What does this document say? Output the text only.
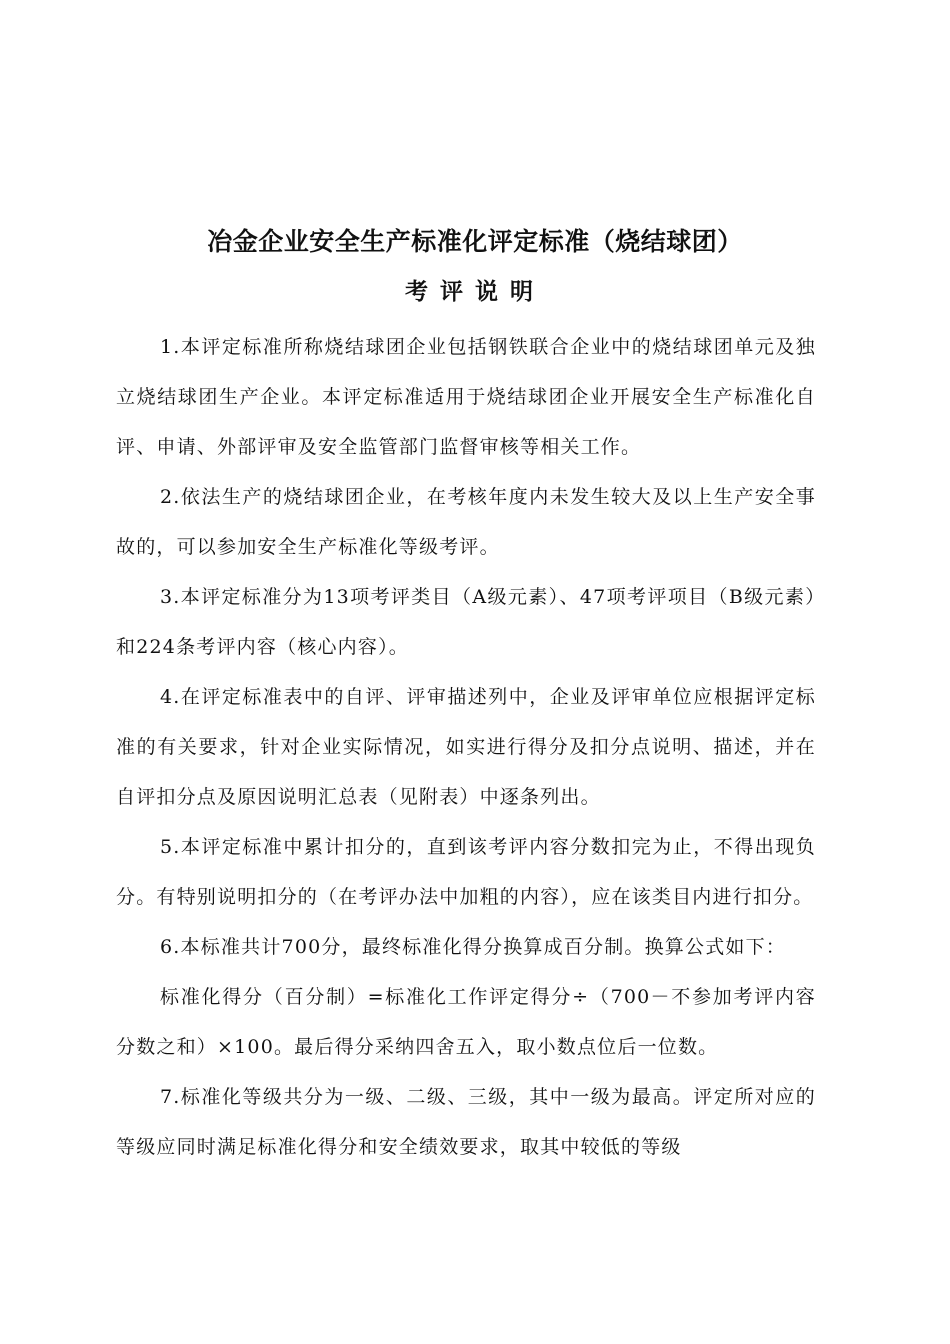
冶金企业安全生产标准化评定标准（烧结球团）
考评说明

1.本评定标准所称烧结球团企业包括钢铁联合企业中的烧结球团单元及独立烧结球团生产企业。本评定标准适用于烧结球团企业开展安全生产标准化自评、申请、外部评审及安全监管部门监督审核等相关工作。

2.依法生产的烧结球团企业，在考核年度内未发生较大及以上生产安全事故的，可以参加安全生产标准化等级考评。

3.本评定标准分为13项考评类目（A级元素）、47项考评项目（B级元素）和224条考评内容（核心内容）。

4.在评定标准表中的自评、评审描述列中，企业及评审单位应根据评定标准的有关要求，针对企业实际情况，如实进行得分及扣分点说明、描述，并在自评扣分点及原因说明汇总表（见附表）中逐条列出。

5.本评定标准中累计扣分的，直到该考评内容分数扣完为止，不得出现负分。有特别说明扣分的（在考评办法中加粗的内容），应在该类目内进行扣分。

6.本标准共计700分，最终标准化得分换算成百分制。换算公式如下：

标准化得分（百分制）=标准化工作评定得分÷（700－不参加考评内容分数之和）×100。最后得分采纳四舍五入，取小数点位后一位数。

7.标准化等级共分为一级、二级、三级，其中一级为最高。评定所对应的等级应同时满足标准化得分和安全绩效要求，取其中较低的等级
